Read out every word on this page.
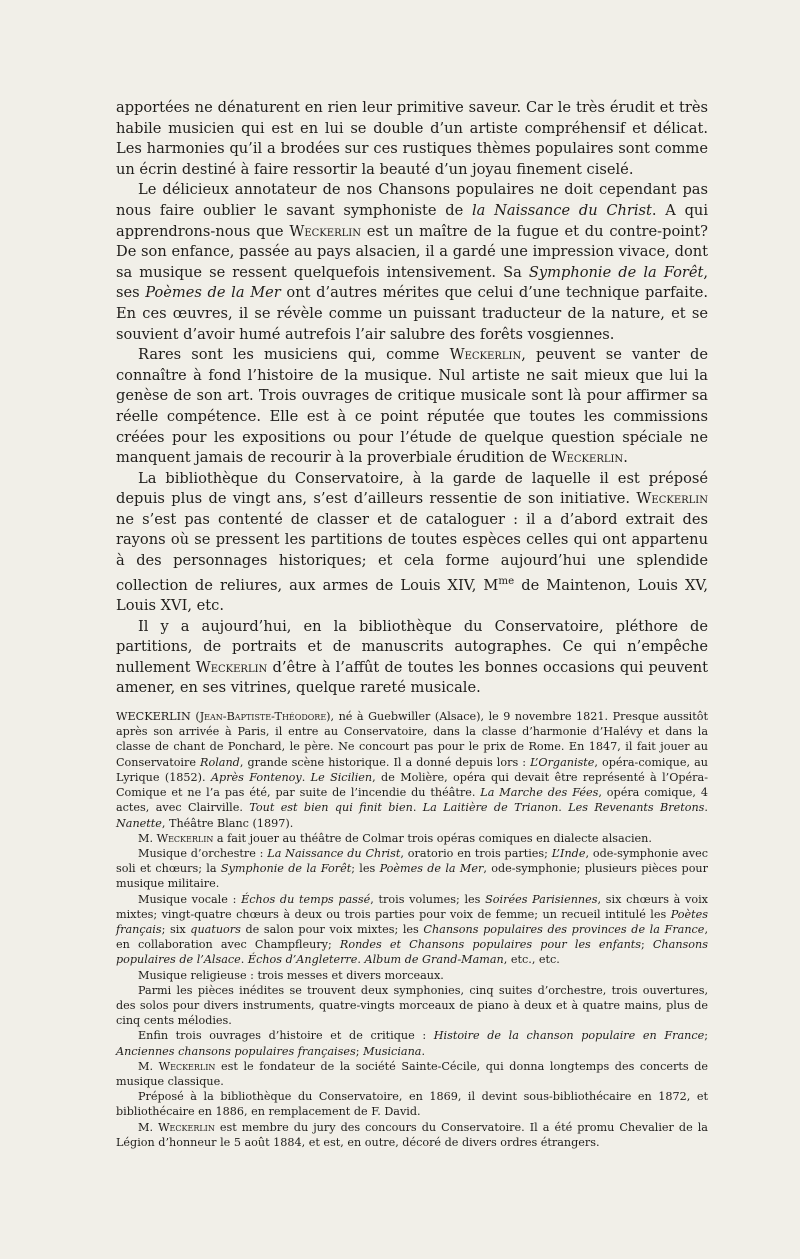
apportées ne dénaturent en rien leur primitive saveur. Car le très érudit et très habile musicien qui est en lui se double d’un artiste compréhensif et délicat. Les harmonies qu’il a brodées sur ces rustiques thèmes populaires sont comme un écrin destiné à faire ressortir la beauté d’un joyau finement ciselé.

Le délicieux annotateur de nos Chansons populaires ne doit cependant pas nous faire oublier le savant symphoniste de la Naissance du Christ. A qui apprendrons-nous que Weckerlin est un maître de la fugue et du contre-point? De son enfance, passée au pays alsacien, il a gardé une impression vivace, dont sa musique se ressent quelquefois intensivement. Sa Symphonie de la Forêt, ses Poèmes de la Mer ont d’autres mérites que celui d’une technique parfaite. En ces œuvres, il se révèle comme un puissant traducteur de la nature, et se souvient d’avoir humé autrefois l’air salubre des forêts vosgiennes.

Rares sont les musiciens qui, comme Weckerlin, peuvent se vanter de connaître à fond l’histoire de la musique. Nul artiste ne sait mieux que lui la genèse de son art. Trois ouvrages de critique musicale sont là pour affirmer sa réelle compétence. Elle est à ce point réputée que toutes les commissions créées pour les expositions ou pour l’étude de quelque question spéciale ne manquent jamais de recourir à la proverbiale érudition de Weckerlin.

La bibliothèque du Conservatoire, à la garde de laquelle il est préposé depuis plus de vingt ans, s’est d’ailleurs ressentie de son initiative. Weckerlin ne s’est pas contenté de classer et de cataloguer : il a d’abord extrait des rayons où se pressent les partitions de toutes espèces celles qui ont appartenu à des personnages historiques; et cela forme aujourd’hui une splendide collection de reliures, aux armes de Louis XIV, $M^{me}$ de Maintenon, Louis XV, Louis XVI, etc.

Il y a aujourd’hui, en la bibliothèque du Conservatoire, pléthore de partitions, de portraits et de manuscrits autographes. Ce qui n’empêche nullement Weckerlin d’être à l’affût de toutes les bonnes occasions qui peuvent amener, en ses vitrines, quelque rareté musicale.

WECKERLIN (Jean-Baptiste-Théodore), né à Guebwiller (Alsace), le 9 novembre 1821. Presque aussitôt après son arrivée à Paris, il entre au Conservatoire, dans la classe d’harmonie d’Halévy et dans la classe de chant de Ponchard, le père. Ne concourt pas pour le prix de Rome. En 1847, il fait jouer au Conservatoire Roland, grande scène historique. Il a donné depuis lors : L’Organiste, opéra-comique, au Lyrique (1852). Après Fontenoy. Le Sicilien, de Molière, opéra qui devait être représenté à l’Opéra-Comique et ne l’a pas été, par suite de l’incendie du théâtre. La Marche des Fées, opéra comique, 4 actes, avec Clairville. Tout est bien qui finit bien. La Laitière de Trianon. Les Revenants Bretons. Nanette, Théâtre Blanc (1897).

M. Weckerlin a fait jouer au théâtre de Colmar trois opéras comiques en dialecte alsacien.

Musique d’orchestre : La Naissance du Christ, oratorio en trois parties; L’Inde, ode-symphonie avec soli et chœurs; la Symphonie de la Forêt; les Poèmes de la Mer, ode-symphonie; plusieurs pièces pour musique militaire.

Musique vocale : Échos du temps passé, trois volumes; les Soirées Parisiennes, six chœurs à voix mixtes; vingt-quatre chœurs à deux ou trois parties pour voix de femme; un recueil intitulé les Poètes français; six quatuors de salon pour voix mixtes; les Chansons populaires des provinces de la France, en collaboration avec Champfleury; Rondes et Chansons populaires pour les enfants; Chansons populaires de l’Alsace. Échos d’Angleterre. Album de Grand-Maman, etc., etc.

Musique religieuse : trois messes et divers morceaux.

Parmi les pièces inédites se trouvent deux symphonies, cinq suites d’orchestre, trois ouvertures, des solos pour divers instruments, quatre-vingts morceaux de piano à deux et à quatre mains, plus de cinq cents mélodies.

Enfin trois ouvrages d’histoire et de critique : Histoire de la chanson populaire en France; Anciennes chansons populaires françaises; Musiciana.

M. Weckerlin est le fondateur de la société Sainte-Cécile, qui donna longtemps des concerts de musique classique.

Préposé à la bibliothèque du Conservatoire, en 1869, il devint sous-bibliothécaire en 1872, et bibliothécaire en 1886, en remplacement de F. David.

M. Weckerlin est membre du jury des concours du Conservatoire. Il a été promu Chevalier de la Légion d’honneur le 5 août 1884, et est, en outre, décoré de divers ordres étrangers.
